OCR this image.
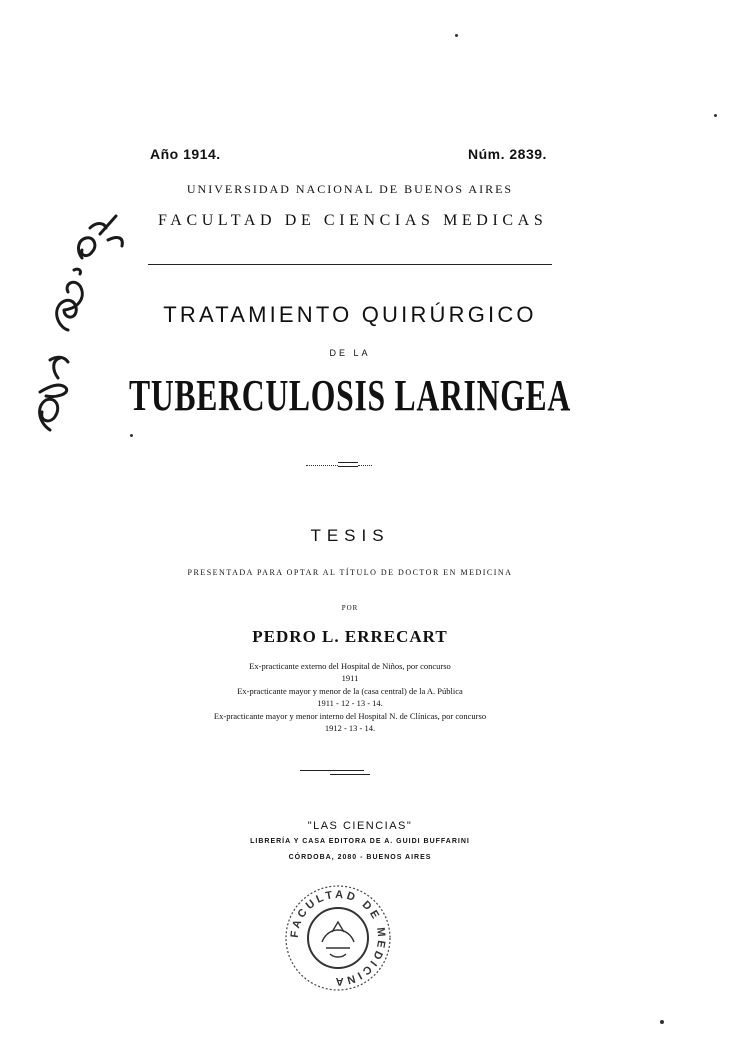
Año 1914.	Núm. 2839.
UNIVERSIDAD NACIONAL DE BUENOS AIRES
FACULTAD DE CIENCIAS MEDICAS
TRATAMIENTO QUIRÚRGICO
DE LA
TUBERCULOSIS LARINGEA
TESIS
PRESENTADA PARA OPTAR AL TÍTULO DE DOCTOR EN MEDICINA
POR
PEDRO L. ERRECART
Ex-practicante externo del Hospital de Niños, por concurso
1911
Ex-practicante mayor y menor de la (casa central) de la A. Pública
1911 - 12 - 13 - 14.
Ex-practicante mayor y menor interno del Hospital N. de Clínicas, por concurso
1912 - 13 - 14.
"LAS CIENCIAS"
LIBRERÍA Y CASA EDITORA DE A. GUIDI BUFFARINI
CÓRDOBA, 2080 - BUENOS AIRES
FACULTAD DE MEDICINA
